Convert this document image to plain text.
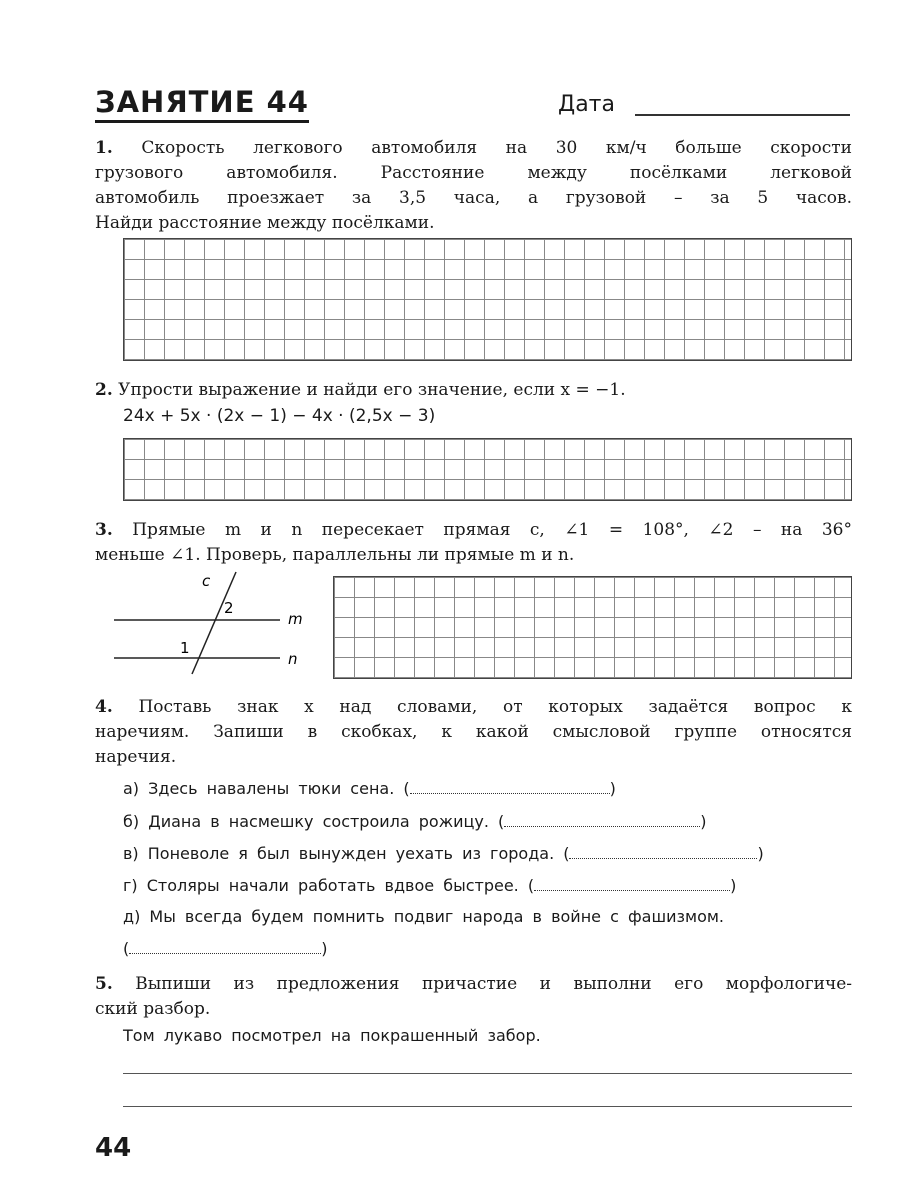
ЗАНЯТИЕ 44	Дата
1. Скорость легкового автомобиля на 30 км/ч больше скорости
грузового автомобиля. Расстояние между посёлками легковой
автомобиль проезжает за 3,5 часа, а грузовой – за 5 часов.
Найди расстояние между посёлками.
2. Упрости выражение и найди его значение, если x = −1.
24x + 5x · (2x − 1) − 4x · (2,5x − 3)
3. Прямые m и n пересекает прямая c, ∠1 = 108°, ∠2 – на 36°
меньше ∠1. Проверь, параллельны ли прямые m и n.
c
2
m
1
n
4. Поставь знак x над словами, от которых задаётся вопрос к
наречиям. Запиши в скобках, к какой смысловой группе относятся
наречия.
а) Здесь навалены тюки сена. (	)
б) Диана в насмешку состроила рожицу. (	)
в) Поневоле я был вынужден уехать из города. (	)
г) Столяры начали работать вдвое быстрее. (	)
д) Мы всегда будем помнить подвиг народа в войне с фашизмом.
(	)
5. Выпиши из предложения причастие и выполни его морфологиче-
ский разбор.
Том лукаво посмотрел на покрашенный забор.
44
